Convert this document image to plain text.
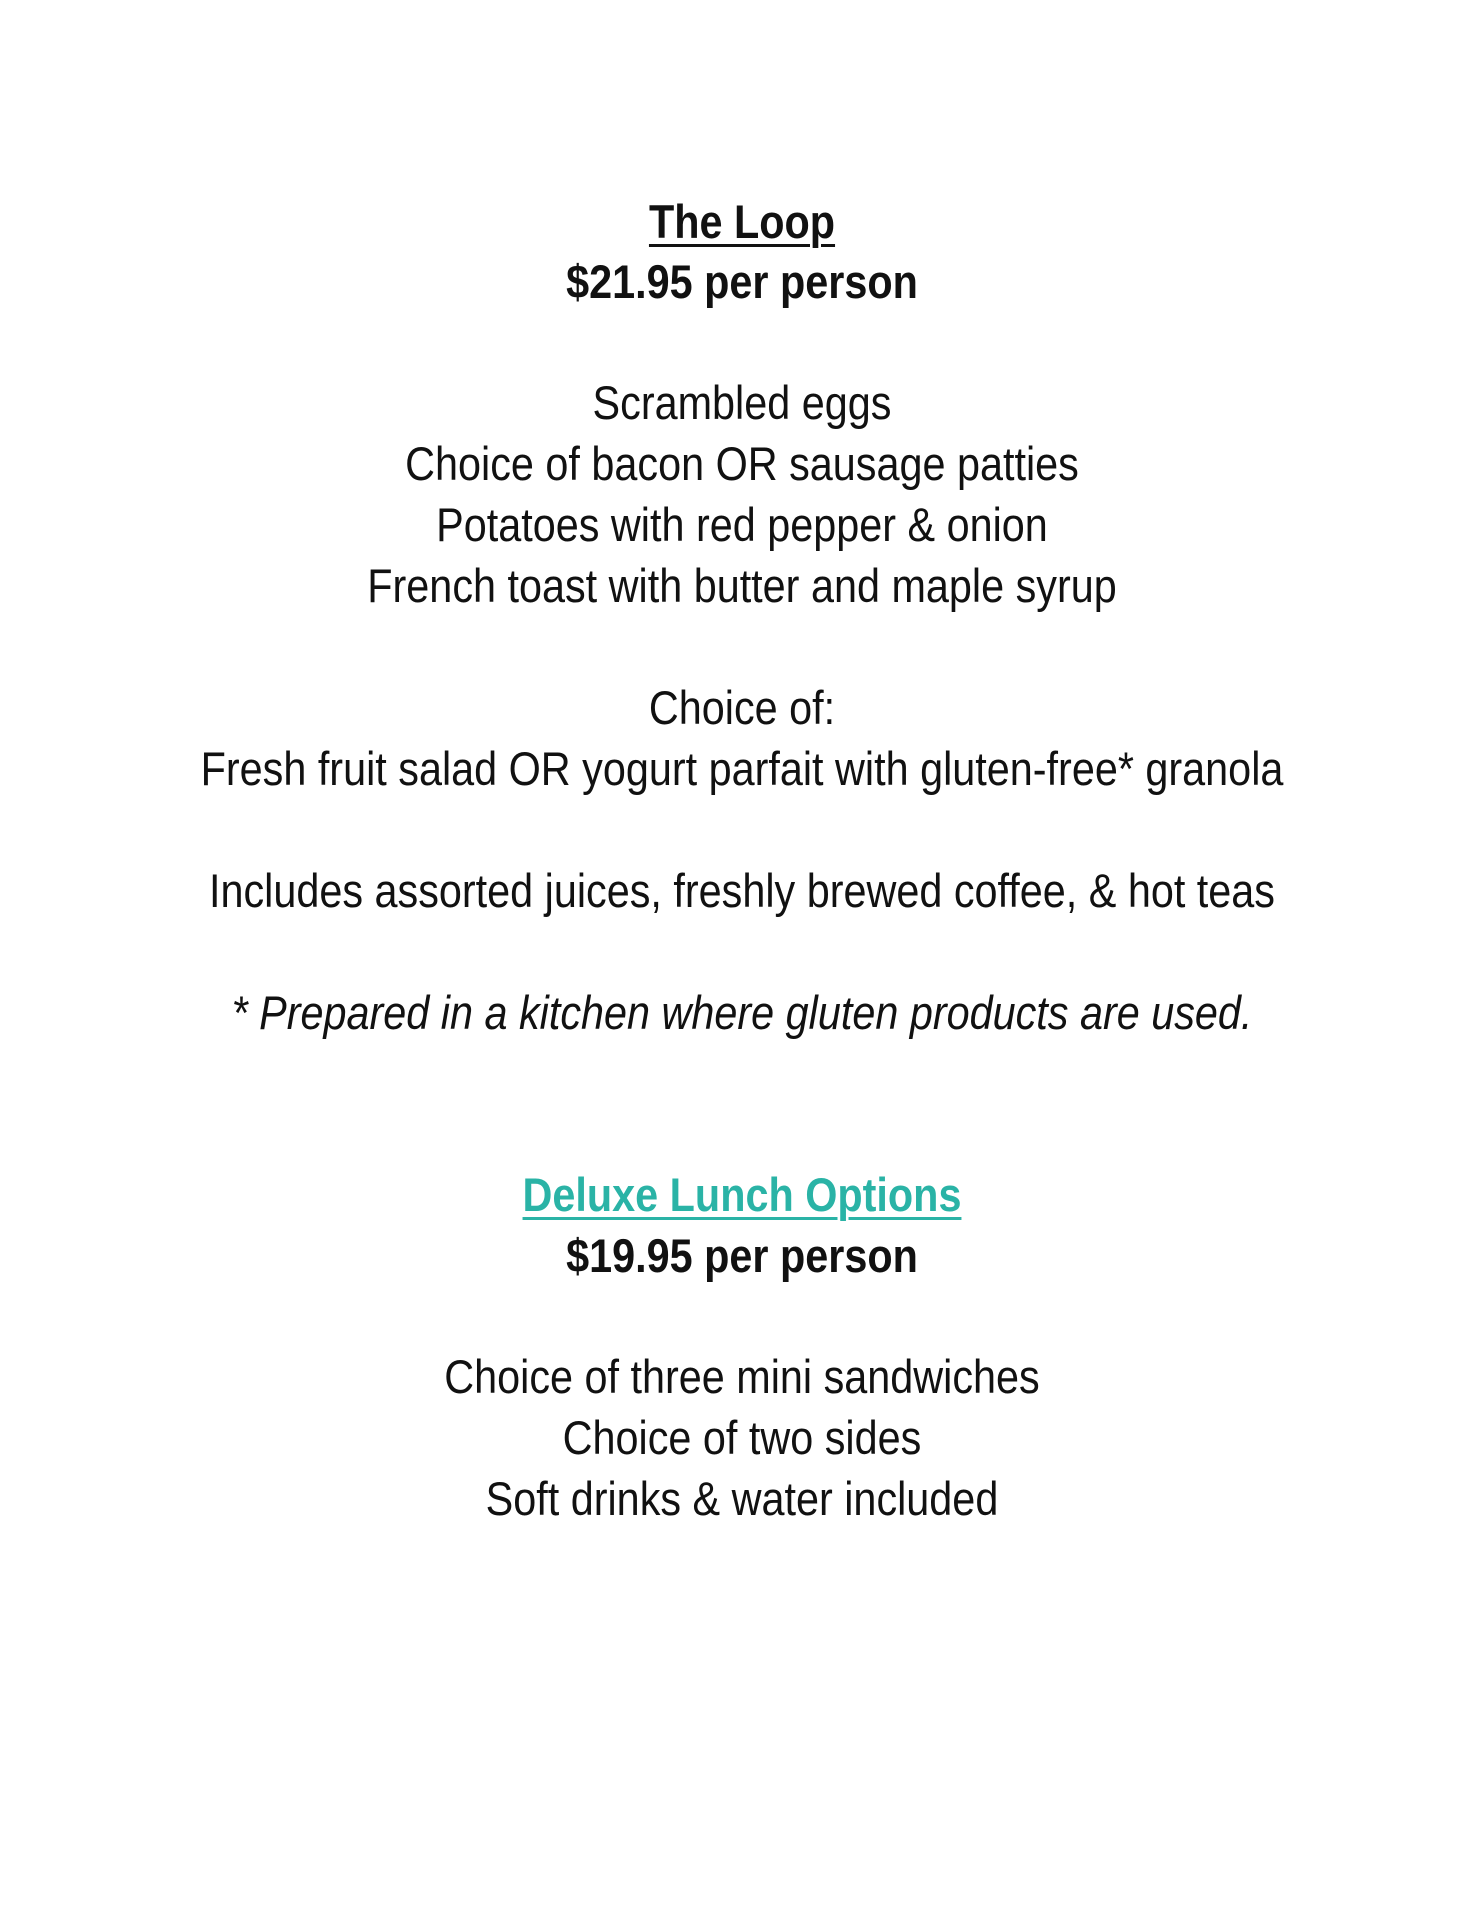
The Loop
$21.95 per person
Scrambled eggs
Choice of bacon OR sausage patties
Potatoes with red pepper & onion
French toast with butter and maple syrup
Choice of:
Fresh fruit salad OR yogurt parfait with gluten-free* granola
Includes assorted juices, freshly brewed coffee, & hot teas
* Prepared in a kitchen where gluten products are used.
Deluxe Lunch Options
$19.95 per person
Choice of three mini sandwiches
Choice of two sides
Soft drinks & water included
